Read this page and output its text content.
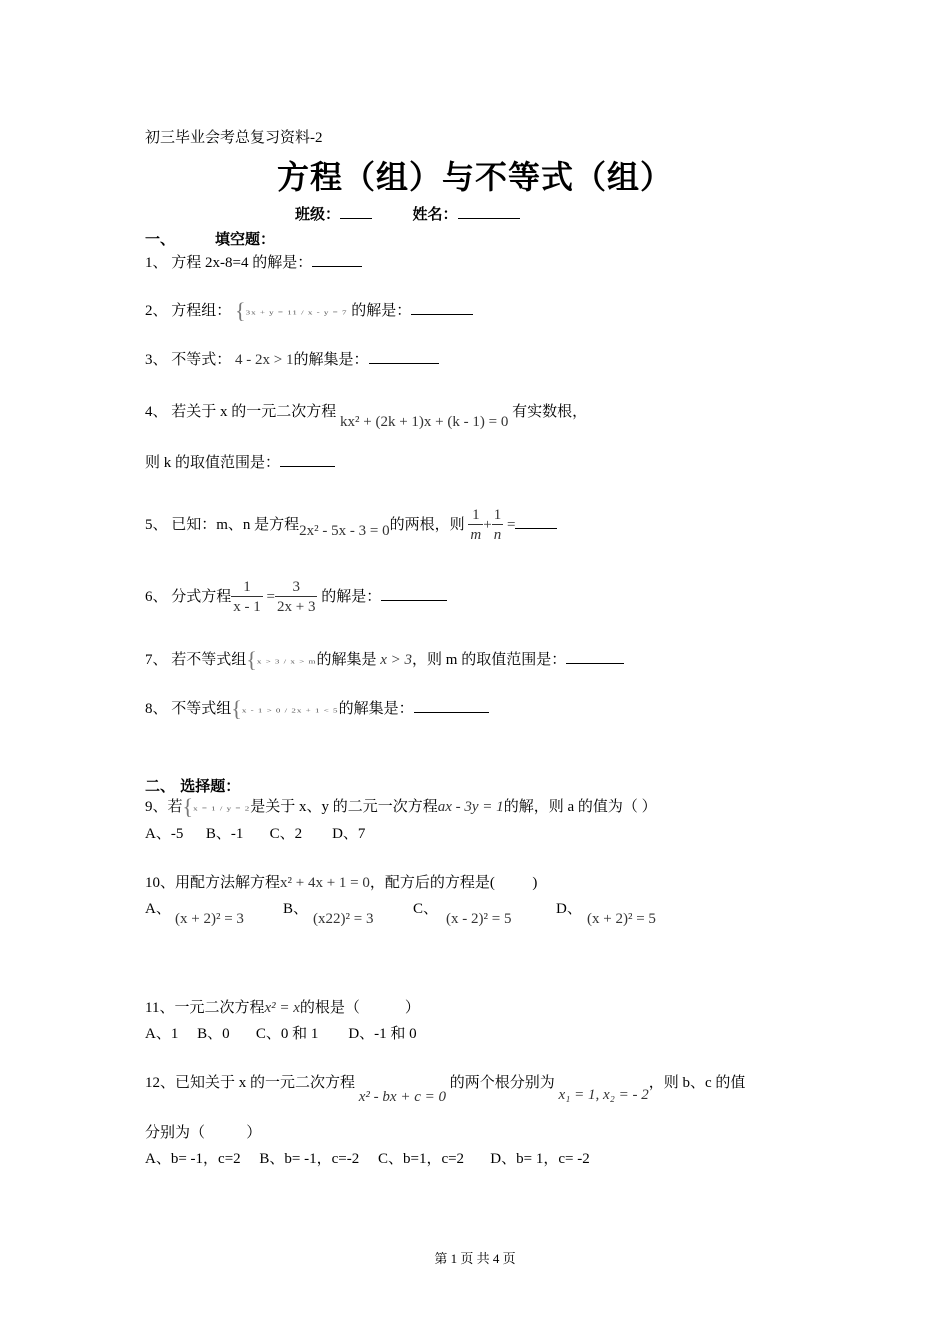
初三毕业会考总复习资料-2
方程（组）与不等式（组）
班级：	姓名：
一、	填空题：
1、 方程 2x-8=4 的解是：
2、 方程组： {3x + y = 11 / x - y = 7 的解是：
3、 不等式： 4 - 2x > 1的解集是：
4、 若关于 x 的一元二次方程 kx² + (2k + 1)x + (k - 1) = 0 有实数根，
则 k 的取值范围是：
5、 已知：m、n 是方程2x² - 5x - 3 = 0的两根，则 $\frac{1}{m} + \frac{1}{n}$ =
6、 分式方程 $\frac{1}{x - 1} = \frac{3}{2x + 3}$ 的解是：
7、 若不等式组{x > 3 / x > m的解集是 x > 3，则 m 的取值范围是：
8、 不等式组{x - 1 > 0 / 2x + 1 < 5的解集是：
二、 选择题：
9、若{x = 1 / y = 2是关于 x、y 的二元一次方程ax - 3y = 1的解，则 a 的值为（ ）
A、-5      B、-1       C、2        D、7
10、用配方法解方程x² + 4x + 1 = 0，配方后的方程是(          )
A、
(x + 2)² = 3
B、
(x22)² = 3
C、
(x - 2)² = 5
D、
(x + 2)² = 5
11、一元二次方程x² = x的根是（            ）
A、1     B、0       C、0 和 1        D、-1 和 0
12、已知关于 x 的一元二次方程 x² - bx + c = 0 的两个根分别为 x₁ = 1, x₂ = - 2，则 b、c 的值
分别为（           ）
A、b= -1，c=2     B、b= -1，c=-2     C、b=1，c=2       D、b= 1，c= -2
第 1 页 共 4 页
